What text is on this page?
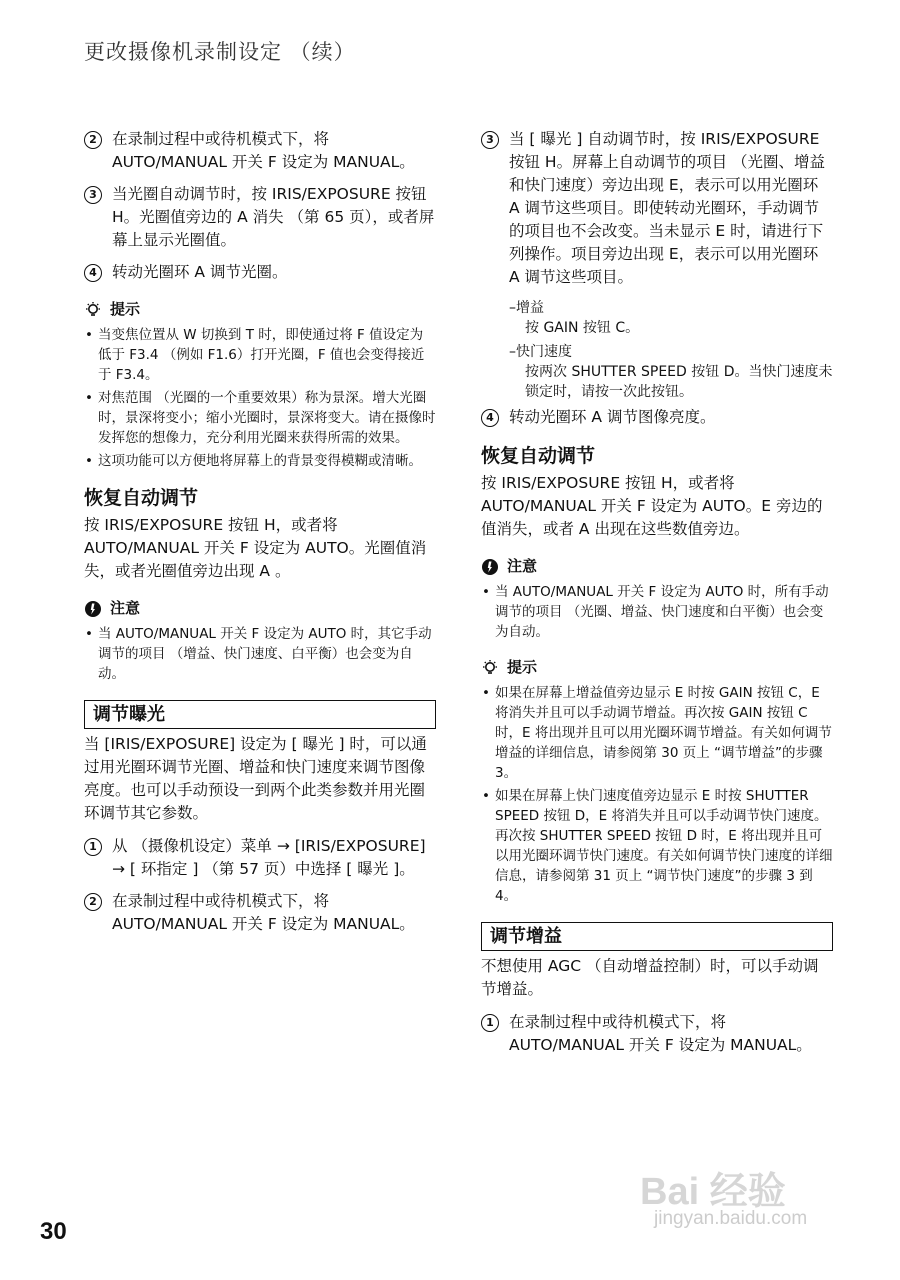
更改摄像机录制设定 （续）
2 在录制过程中或待机模式下，将 AUTO/MANUAL 开关 F 设定为 MANUAL。
3 当光圈自动调节时，按 IRIS/EXPOSURE 按钮 H。光圈值旁边的 A 消失 （第 65 页），或者屏幕上显示光圈值。
4 转动光圈环 A 调节光圈。
提示
• 当变焦位置从 W 切换到 T 时，即使通过将 F 值设定为低于 F3.4 （例如 F1.6）打开光圈，F 值也会变得接近于 F3.4。
• 对焦范围 （光圈的一个重要效果）称为景深。增大光圈时，景深将变小；缩小光圈时，景深将变大。请在摄像时发挥您的想像力，充分利用光圈来获得所需的效果。
• 这项功能可以方便地将屏幕上的背景变得模糊或清晰。
恢复自动调节
按 IRIS/EXPOSURE 按钮 H，或者将 AUTO/MANUAL 开关 F 设定为 AUTO。光圈值消失，或者光圈值旁边出现 A 。
注意
• 当 AUTO/MANUAL 开关 F 设定为 AUTO 时，其它手动调节的项目 （增益、快门速度、白平衡）也会变为自动。
调节曝光
当 [IRIS/EXPOSURE] 设定为 [ 曝光 ] 时，可以通过用光圈环调节光圈、增益和快门速度来调节图像亮度。也可以手动预设一到两个此类参数并用光圈环调节其它参数。
1 从 （摄像机设定）菜单 → [IRIS/EXPOSURE] → [ 环指定 ] （第 57 页）中选择 [ 曝光 ]。
2 在录制过程中或待机模式下，将 AUTO/MANUAL 开关 F 设定为 MANUAL。
3 当 [ 曝光 ] 自动调节时，按 IRIS/EXPOSURE 按钮 H。屏幕上自动调节的项目 （光圈、增益和快门速度）旁边出现 E，表示可以用光圈环 A 调节这些项目。即使转动光圈环，手动调节的项目也不会改变。当未显示 E 时，请进行下列操作。项目旁边出现 E，表示可以用光圈环 A 调节这些项目。
–增益
按 GAIN 按钮 C。
–快门速度
按两次 SHUTTER SPEED 按钮 D。当快门速度未锁定时，请按一次此按钮。
4 转动光圈环 A 调节图像亮度。
恢复自动调节
按 IRIS/EXPOSURE 按钮 H，或者将 AUTO/MANUAL 开关 F 设定为 AUTO。E 旁边的值消失，或者 A 出现在这些数值旁边。
注意
• 当 AUTO/MANUAL 开关 F 设定为 AUTO 时，所有手动调节的项目 （光圈、增益、快门速度和白平衡）也会变为自动。
提示
• 如果在屏幕上增益值旁边显示 E 时按 GAIN 按钮 C，E 将消失并且可以手动调节增益。再次按 GAIN 按钮 C 时，E 将出现并且可以用光圈环调节增益。有关如何调节增益的详细信息，请参阅第 30 页上 “调节增益”的步骤 3。
• 如果在屏幕上快门速度值旁边显示 E 时按 SHUTTER SPEED 按钮 D，E 将消失并且可以手动调节快门速度。再次按 SHUTTER SPEED 按钮 D 时，E 将出现并且可以用光圈环调节快门速度。有关如何调节快门速度的详细信息，请参阅第 31 页上 “调节快门速度”的步骤 3 到 4。
调节增益
不想使用 AGC （自动增益控制）时，可以手动调节增益。
1 在录制过程中或待机模式下，将 AUTO/MANUAL 开关 F 设定为 MANUAL。
30
Bai 经验
jingyan.baidu.com
